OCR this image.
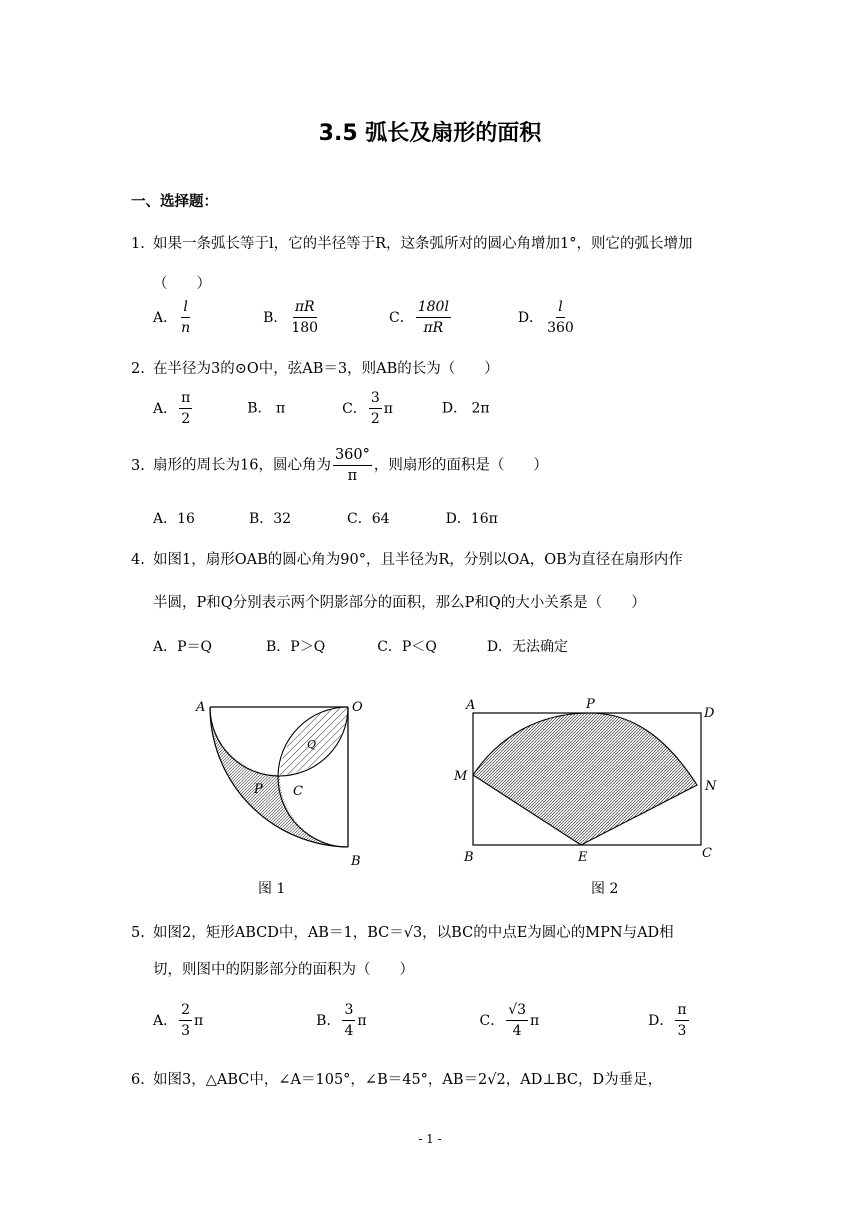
3.5 弧长及扇形的面积
一、选择题：
1. 如果一条弧长等于l，它的半径等于R，这条弧所对的圆心角增加1°，则它的弧长增加
（　　）
A． $\frac{l}{n}$	B． $\frac{\pi R}{180}$	C． $\frac{180l}{\pi R}$	D． $\frac{l}{360}$
2. 在半径为3的⊙O中，弦AB＝3，则AB的长为（　　）
A． $\frac{\pi}{2}$	B． π	C． $\frac{3}{2}$ π	D． 2π
3. 扇形的周长为16，圆心角为 $\frac{360^\circ}{\pi}$ ，则扇形的面积是（　　）
A．16	B．32	C．64	D．16π
4. 如图1，扇形OAB的圆心角为90°，且半径为R，分别以OA，OB为直径在扇形内作
半圆，P和Q分别表示两个阴影部分的面积，那么P和Q的大小关系是（　　）
A．P＝Q	B．P＞Q	C．P＜Q	D．无法确定
A	O
Q
P C
B
图 1
A	P
D
M
N
B	E	C
图 2
5. 如图2，矩形ABCD中，AB＝1，BC＝√3，以BC的中点E为圆心的MPN与AD相
切，则图中的阴影部分的面积为（　　）
A． $\frac{2}{3}$ π	B． $\frac{3}{4}$ π	C． $\frac{√3}{4}$ π	D． $\frac{\pi}{3}$
6. 如图3，△ABC中，∠A＝105°，∠B＝45°，AB＝2√2，AD⊥BC，D为垂足，
- 1 -
